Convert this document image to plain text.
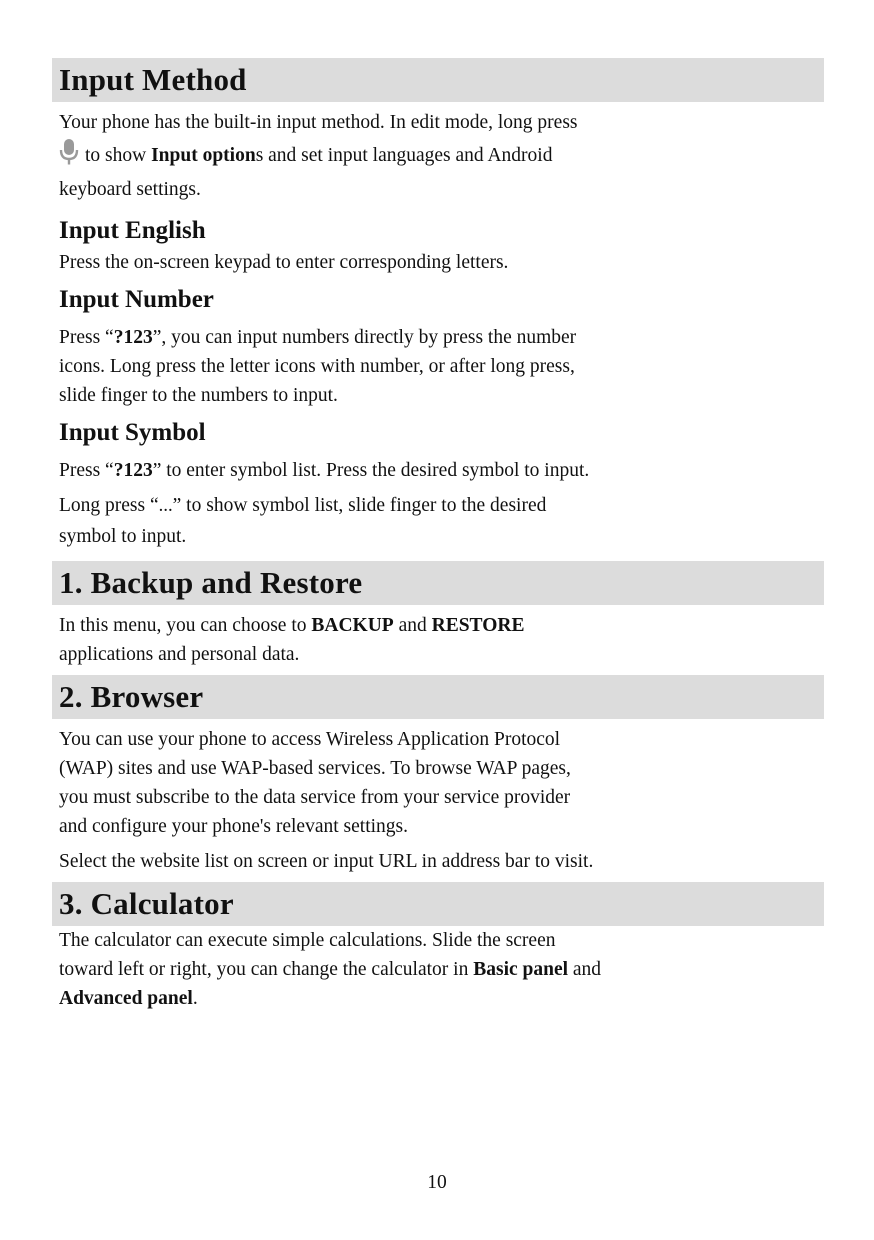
Input Method

Your phone has the built-in input method. In edit mode, long press

to show Input options and set input languages and Android

keyboard settings.

Input English

Press the on-screen keypad to enter corresponding letters.

Input Number

Press “?123”, you can input numbers directly by press the number

icons. Long press the letter icons with number, or after long press,

slide finger to the numbers to input.

Input Symbol

Press “?123” to enter symbol list. Press the desired symbol to input.

Long press “…” to show symbol list, slide finger to the desired

symbol to input.

1. Backup and Restore

In this menu, you can choose to BACKUP and RESTORE

applications and personal data.

2. Browser

You can use your phone to access Wireless Application Protocol

(WAP) sites and use WAP-based services. To browse WAP pages,

you must subscribe to the data service from your service provider

and configure your phone's relevant settings.

Select the website list on screen or input URL in address bar to visit.

3. Calculator

The calculator can execute simple calculations. Slide the screen

toward left or right, you can change the calculator in Basic panel and

Advanced panel.

10
